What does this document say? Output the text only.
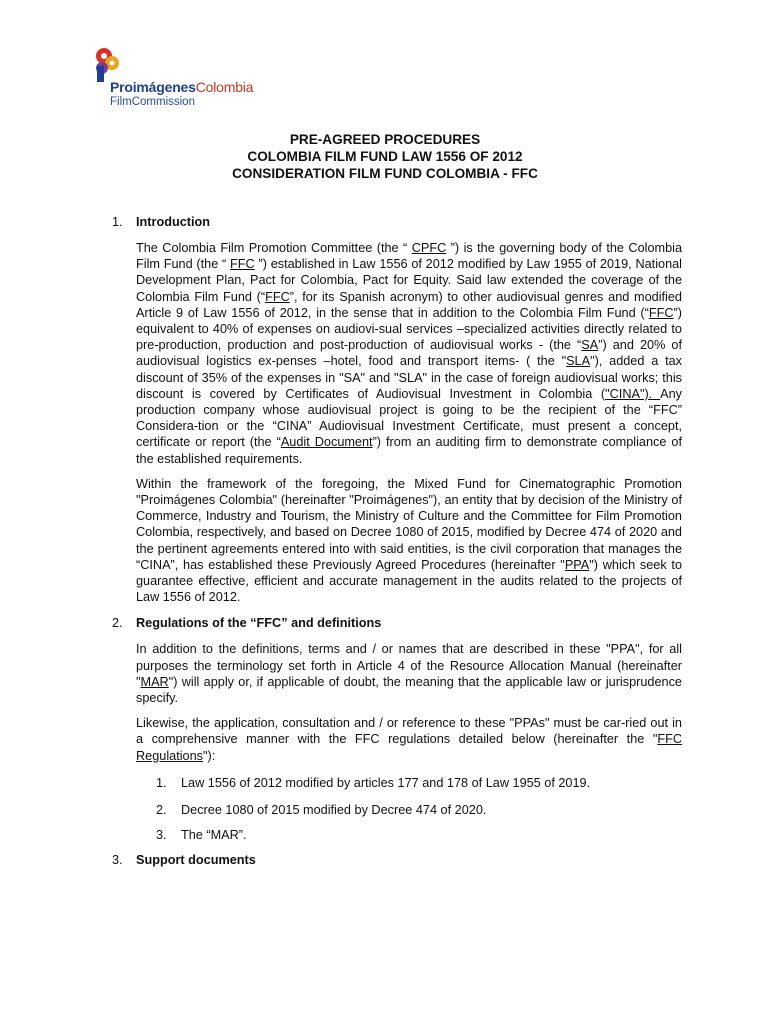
ProimágenesColombia
FilmCommission
PRE-AGREED PROCEDURES
COLOMBIA FILM FUND LAW 1556 OF 2012
CONSIDERATION FILM FUND COLOMBIA - FFC
1. Introduction
The Colombia Film Promotion Committee (the “ CPFC ”) is the governing body of the Colombia Film Fund (the “ FFC ”) established in Law 1556 of 2012 modified by Law 1955 of 2019, National Development Plan, Pact for Colombia, Pact for Equity. Said law extended the coverage of the Colombia Film Fund (“FFC”, for its Spanish acronym) to other audiovisual genres and modified Article 9 of Law 1556 of 2012, in the sense that in addition to the Colombia Film Fund (“FFC”) equivalent to 40% of expenses on audiovi-sual services –specialized activities directly related to pre-production, production and post-production of audiovisual works - (the “SA”) and 20% of audiovisual logistics ex-penses –hotel, food and transport items- ( the "SLA"), added a tax discount of 35% of the expenses in "SA" and "SLA" in the case of foreign audiovisual works; this discount is covered by Certificates of Audiovisual Investment in Colombia ("CINA"). Any production company whose audiovisual project is going to be the recipient of the “FFC” Considera-tion or the “CINA” Audiovisual Investment Certificate, must present a concept, certificate or report (the “Audit Document”) from an auditing firm to demonstrate compliance of the established requirements.
Within the framework of the foregoing, the Mixed Fund for Cinematographic Promotion "Proimágenes Colombia" (hereinafter "Proimágenes"), an entity that by decision of the Ministry of Commerce, Industry and Tourism, the Ministry of Culture and the Committee for Film Promotion Colombia, respectively, and based on Decree 1080 of 2015, modified by Decree 474 of 2020 and the pertinent agreements entered into with said entities, is the civil corporation that manages the “CINA”, has established these Previously Agreed Procedures (hereinafter "PPA") which seek to guarantee effective, efficient and accurate management in the audits related to the projects of Law 1556 of 2012.
2. Regulations of the “FFC” and definitions
In addition to the definitions, terms and / or names that are described in these "PPA", for all purposes the terminology set forth in Article 4 of the Resource Allocation Manual (hereinafter "MAR") will apply or, if applicable of doubt, the meaning that the applicable law or jurisprudence specify.
Likewise, the application, consultation and / or reference to these "PPAs" must be car-ried out in a comprehensive manner with the FFC regulations detailed below (hereinafter the "FFC Regulations"):
1. Law 1556 of 2012 modified by articles 177 and 178 of Law 1955 of 2019.
2. Decree 1080 of 2015 modified by Decree 474 of 2020.
3. The “MAR”.
3. Support documents
